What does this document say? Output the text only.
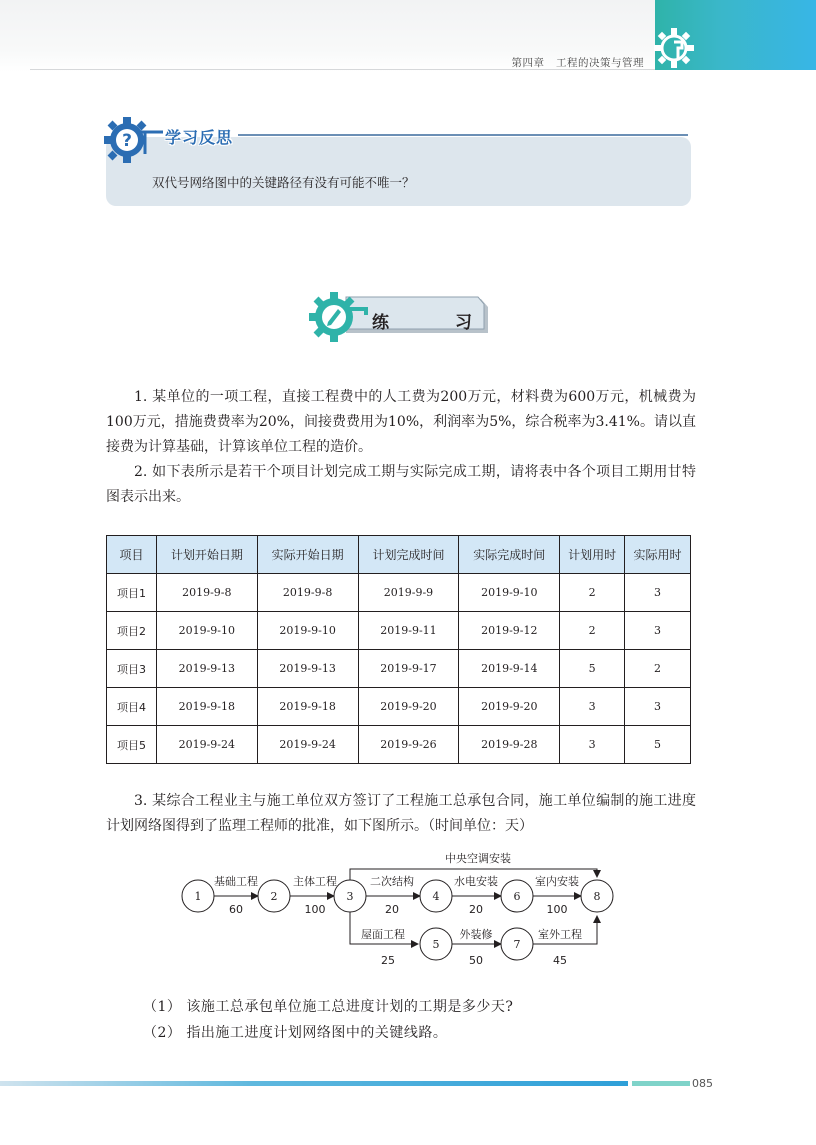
第四章 工程的决策与管理
? 学习反思
双代号网络图中的关键路径有没有可能不唯一？
练	习
1. 某单位的一项工程，直接工程费中的人工费为200万元，材料费为600万元，机械费为100万元，措施费费率为20%，间接费费用为10%，利润率为5%，综合税率为3.41%。请以直接费为计算基础，计算该单位工程的造价。
2. 如下表所示是若干个项目计划完成工期与实际完成工期，请将表中各个项目工期用甘特图表示出来。
项目	计划开始日期	实际开始日期	计划完成时间	实际完成时间	计划用时	实际用时
项目1	2019-9-8	2019-9-8	2019-9-9	2019-9-10	2	3
项目2	2019-9-10	2019-9-10	2019-9-11	2019-9-12	2	3
项目3	2019-9-13	2019-9-13	2019-9-17	2019-9-14	5	2
项目4	2019-9-18	2019-9-18	2019-9-20	2019-9-20	3	3
项目5	2019-9-24	2019-9-24	2019-9-26	2019-9-28	3	5
3. 某综合工程业主与施工单位双方签订了工程施工总承包合同，施工单位编制的施工进度计划网络图得到了监理工程师的批准，如下图所示。（时间单位：天）
1	2	3	4
5
6
7
8
基础工程
60
主体工程
100
二次结构
20
水电安装
20
室内安装
100
中央空调安装
屋面工程
25
外装修
50
室外工程
45
（1） 该施工总承包单位施工总进度计划的工期是多少天?
（2） 指出施工进度计划网络图中的关键线路。
085
